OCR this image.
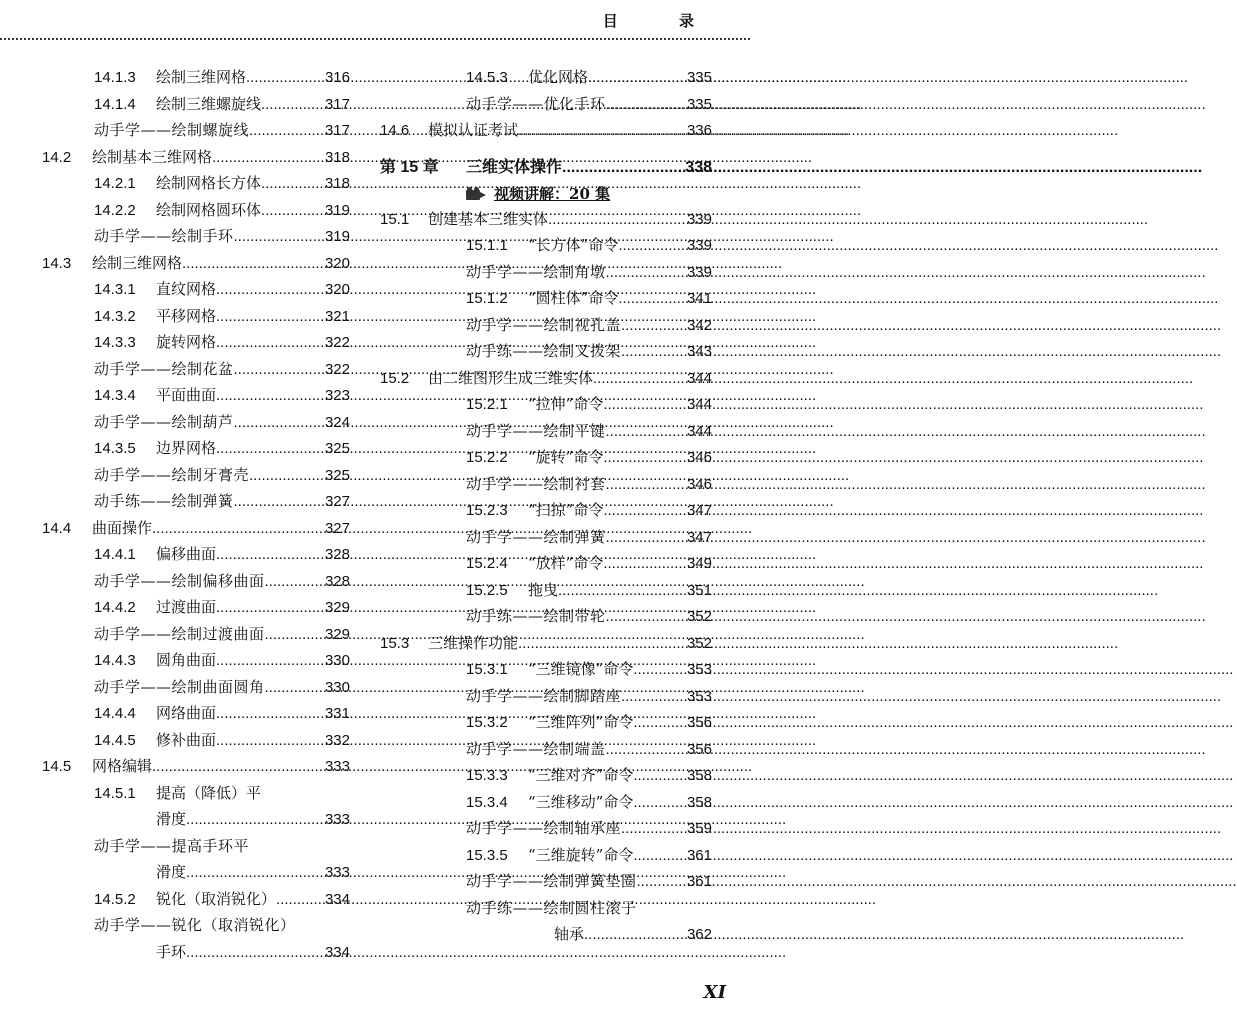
目 录
14.1.3	绘制三维网格 .....	316
14.1.4	绘制三维螺旋线 .....	317
动手学——绘制螺旋线 .....	317
14.2	绘制基本三维网格 .....	318
14.2.1	绘制网格长方体 .....	318
14.2.2	绘制网格圆环体 .....	319
动手学——绘制手环 .....	319
14.3	绘制三维网格 .....	320
14.3.1	直纹网格 .....	320
14.3.2	平移网格 .....	321
14.3.3	旋转网格 .....	322
动手学——绘制花盆 .....	322
14.3.4	平面曲面 .....	323
动手学——绘制葫芦 .....	324
14.3.5	边界网格 .....	325
动手学——绘制牙膏壳 .....	325
动手练——绘制弹簧 .....	327
14.4	曲面操作 .....	327
14.4.1	偏移曲面 .....	328
动手学——绘制偏移曲面 .....	328
14.4.2	过渡曲面 .....	329
动手学——绘制过渡曲面 .....	329
14.4.3	圆角曲面 .....	330
动手学——绘制曲面圆角 .....	330
14.4.4	网络曲面 .....	331
14.4.5	修补曲面 .....	332
14.5	网格编辑 .....	333
14.5.1	提高（降低）平
滑度 .....	333
动手学——提高手环平
滑度 .....	333
14.5.2	锐化（取消锐化） .....	334
动手学——锐化（取消锐化）
手环 .....	334
14.5.3	优化网格 .....	335
动手学——优化手环 .....	335
14.6	模拟认证考试 .....	336
第 15 章	三维实体操作 .....	338
视频讲解：20 集
15.1	创建基本三维实体 .....	339
15.1.1	“长方体”命令 .....	339
动手学——绘制角墩 .....	339
15.1.2	“圆柱体”命令 .....	341
动手学——绘制视孔盖 .....	342
动手练——绘制叉拨架 .....	343
15.2	由二维图形生成三维实体 .....	344
15.2.1	“拉伸”命令 .....	344
动手学——绘制平键 .....	344
15.2.2	“旋转”命令 .....	346
动手学——绘制衬套 .....	346
15.2.3	“扫掠”命令 .....	347
动手学——绘制弹簧 .....	347
15.2.4	“放样”命令 .....	349
15.2.5	拖曳 .....	351
动手练——绘制带轮 .....	352
15.3	三维操作功能 .....	352
15.3.1	“三维镜像”命令 .....	353
动手学——绘制脚踏座 .....	353
15.3.2	“三维阵列”命令 .....	356
动手学——绘制端盖 .....	356
15.3.3	“三维对齐”命令 .....	358
15.3.4	“三维移动”命令 .....	358
动手学——绘制轴承座 .....	359
15.3.5	“三维旋转”命令 .....	361
动手学——绘制弹簧垫圈 .....	361
动手练——绘制圆柱滚子
轴承 .....	362
XI
